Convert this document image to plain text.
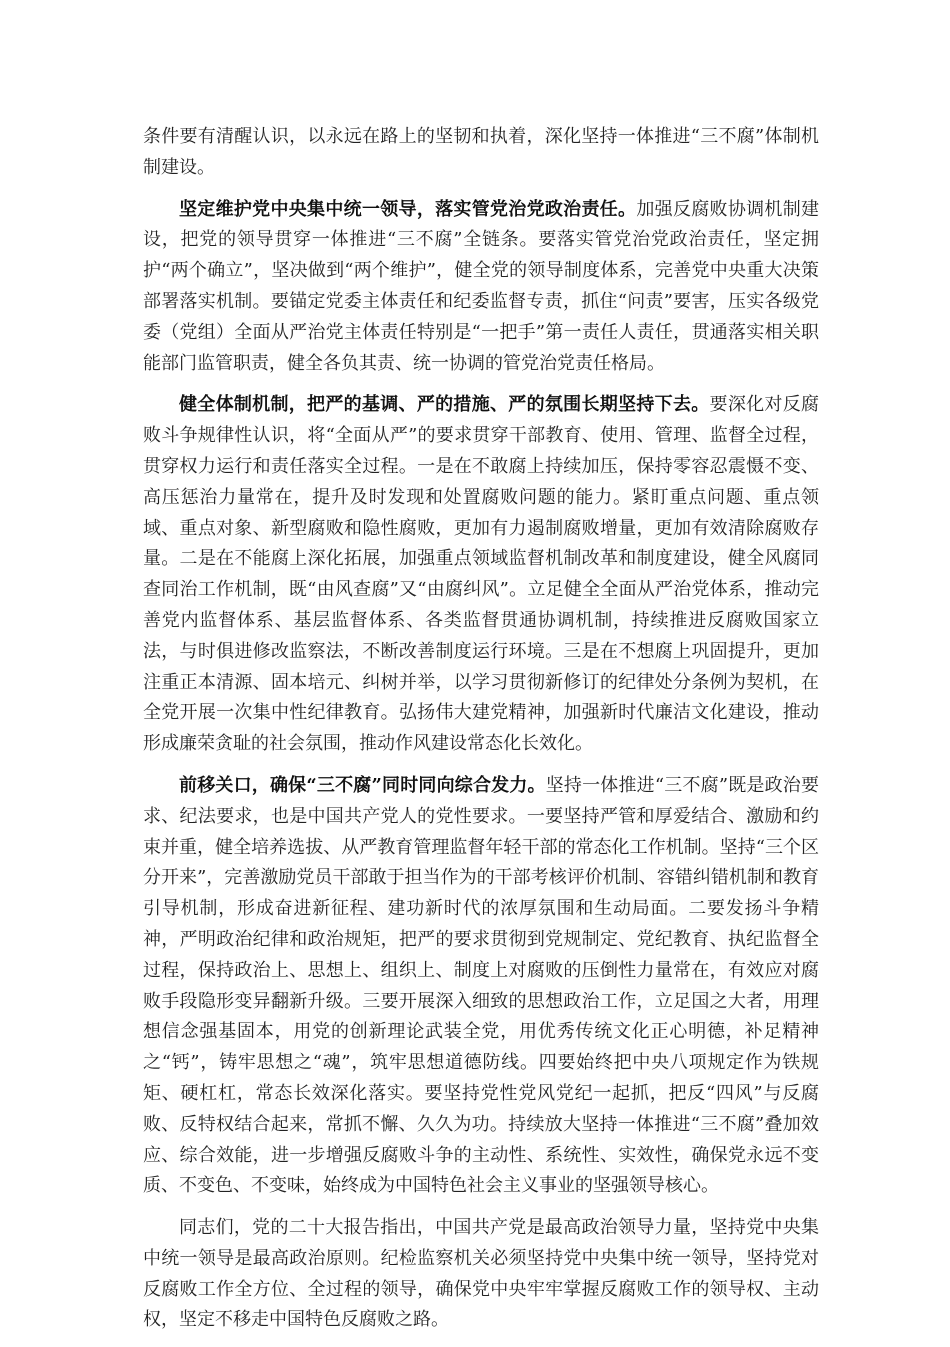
条件要有清醒认识，以永远在路上的坚韧和执着，深化坚持一体推进“三不腐”体制机制建设。

坚定维护党中央集中统一领导，落实管党治党政治责任。加强反腐败协调机制建设，把党的领导贯穿一体推进“三不腐”全链条。要落实管党治党政治责任，坚定拥护“两个确立”，坚决做到“两个维护”，健全党的领导制度体系，完善党中央重大决策部署落实机制。要锚定党委主体责任和纪委监督专责，抓住“问责”要害，压实各级党委（党组）全面从严治党主体责任特别是“一把手”第一责任人责任，贯通落实相关职能部门监管职责，健全各负其责、统一协调的管党治党责任格局。

健全体制机制，把严的基调、严的措施、严的氛围长期坚持下去。要深化对反腐败斗争规律性认识，将“全面从严”的要求贯穿干部教育、使用、管理、监督全过程，贯穿权力运行和责任落实全过程。一是在不敢腐上持续加压，保持零容忍震慑不变、高压惩治力量常在，提升及时发现和处置腐败问题的能力。紧盯重点问题、重点领域、重点对象、新型腐败和隐性腐败，更加有力遏制腐败增量，更加有效清除腐败存量。二是在不能腐上深化拓展，加强重点领域监督机制改革和制度建设，健全风腐同查同治工作机制，既“由风查腐”又“由腐纠风”。立足健全全面从严治党体系，推动完善党内监督体系、基层监督体系、各类监督贯通协调机制，持续推进反腐败国家立法，与时俱进修改监察法，不断改善制度运行环境。三是在不想腐上巩固提升，更加注重正本清源、固本培元、纠树并举，以学习贯彻新修订的纪律处分条例为契机，在全党开展一次集中性纪律教育。弘扬伟大建党精神，加强新时代廉洁文化建设，推动形成廉荣贪耻的社会氛围，推动作风建设常态化长效化。

前移关口，确保“三不腐”同时同向综合发力。坚持一体推进“三不腐”既是政治要求、纪法要求，也是中国共产党人的党性要求。一要坚持严管和厚爱结合、激励和约束并重，健全培养选拔、从严教育管理监督年轻干部的常态化工作机制。坚持“三个区分开来”，完善激励党员干部敢于担当作为的干部考核评价机制、容错纠错机制和教育引导机制，形成奋进新征程、建功新时代的浓厚氛围和生动局面。二要发扬斗争精神，严明政治纪律和政治规矩，把严的要求贯彻到党规制定、党纪教育、执纪监督全过程，保持政治上、思想上、组织上、制度上对腐败的压倒性力量常在，有效应对腐败手段隐形变异翻新升级。三要开展深入细致的思想政治工作，立足国之大者，用理想信念强基固本，用党的创新理论武装全党，用优秀传统文化正心明德，补足精神之“钙”，铸牢思想之“魂”，筑牢思想道德防线。四要始终把中央八项规定作为铁规矩、硬杠杠，常态长效深化落实。要坚持党性党风党纪一起抓，把反“四风”与反腐败、反特权结合起来，常抓不懈、久久为功。持续放大坚持一体推进“三不腐”叠加效应、综合效能，进一步增强反腐败斗争的主动性、系统性、实效性，确保党永远不变质、不变色、不变味，始终成为中国特色社会主义事业的坚强领导核心。

同志们，党的二十大报告指出，中国共产党是最高政治领导力量，坚持党中央集中统一领导是最高政治原则。纪检监察机关必须坚持党中央集中统一领导，坚持党对反腐败工作全方位、全过程的领导，确保党中央牢牢掌握反腐败工作的领导权、主动权，坚定不移走中国特色反腐败之路。
